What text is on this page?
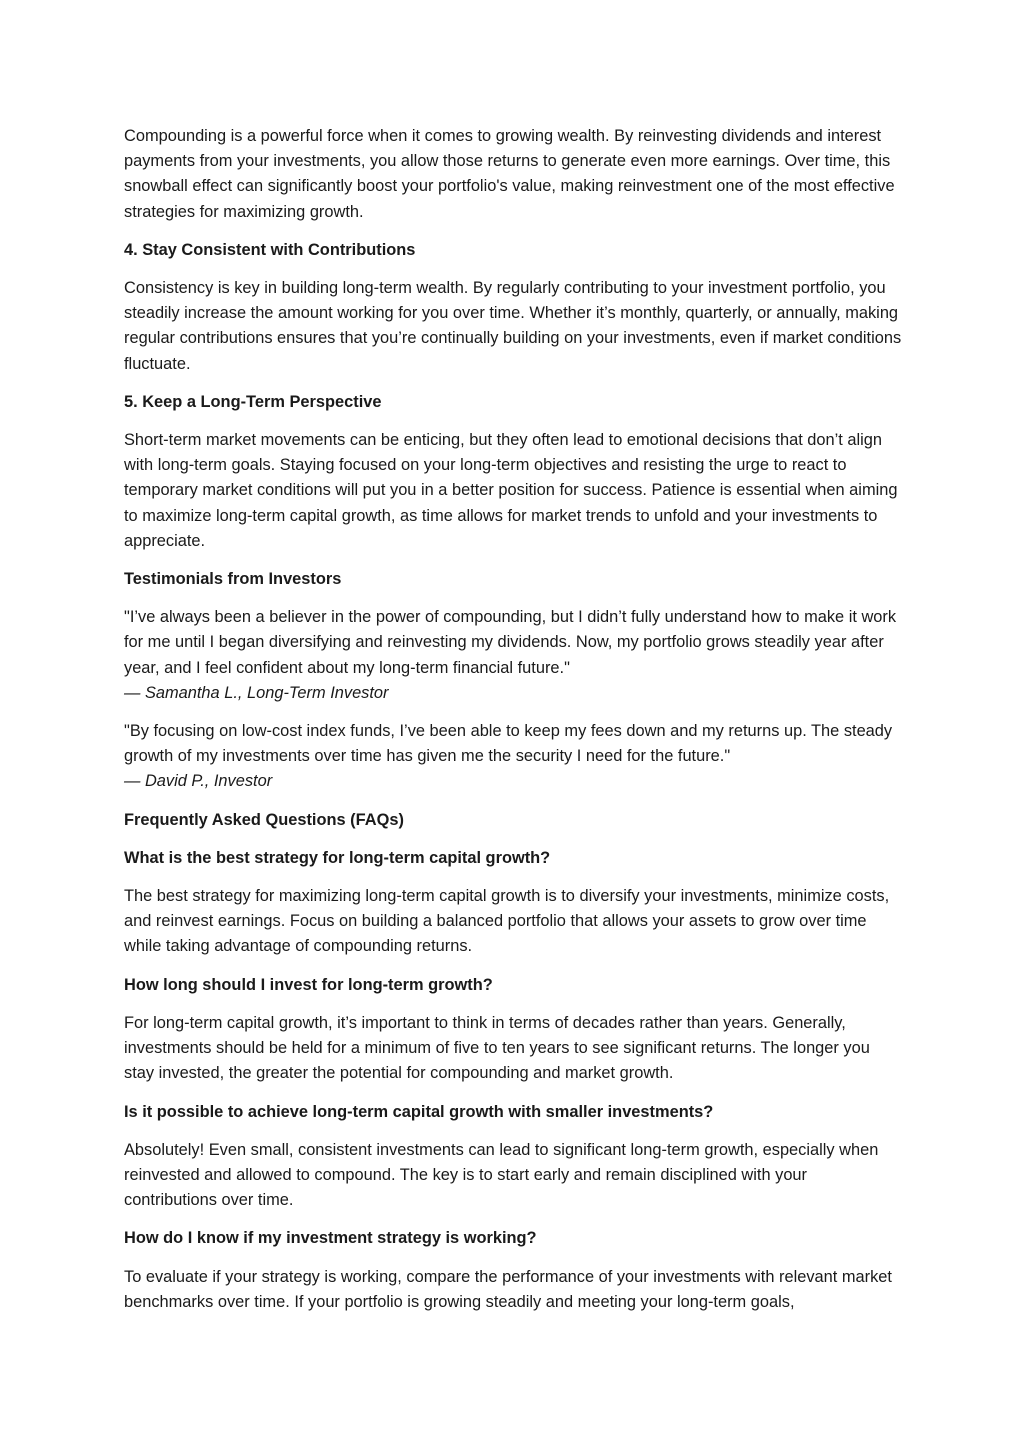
Compounding is a powerful force when it comes to growing wealth. By reinvesting dividends and interest payments from your investments, you allow those returns to generate even more earnings. Over time, this snowball effect can significantly boost your portfolio's value, making reinvestment one of the most effective strategies for maximizing growth.

4. Stay Consistent with Contributions

Consistency is key in building long-term wealth. By regularly contributing to your investment portfolio, you steadily increase the amount working for you over time. Whether it’s monthly, quarterly, or annually, making regular contributions ensures that you’re continually building on your investments, even if market conditions fluctuate.

5. Keep a Long-Term Perspective

Short-term market movements can be enticing, but they often lead to emotional decisions that don’t align with long-term goals. Staying focused on your long-term objectives and resisting the urge to react to temporary market conditions will put you in a better position for success. Patience is essential when aiming to maximize long-term capital growth, as time allows for market trends to unfold and your investments to appreciate.

Testimonials from Investors

"I’ve always been a believer in the power of compounding, but I didn’t fully understand how to make it work for me until I began diversifying and reinvesting my dividends. Now, my portfolio grows steadily year after year, and I feel confident about my long-term financial future."
— Samantha L., Long-Term Investor

"By focusing on low-cost index funds, I’ve been able to keep my fees down and my returns up. The steady growth of my investments over time has given me the security I need for the future."
— David P., Investor

Frequently Asked Questions (FAQs)
What is the best strategy for long-term capital growth?

The best strategy for maximizing long-term capital growth is to diversify your investments, minimize costs, and reinvest earnings. Focus on building a balanced portfolio that allows your assets to grow over time while taking advantage of compounding returns.

How long should I invest for long-term growth?

For long-term capital growth, it’s important to think in terms of decades rather than years. Generally, investments should be held for a minimum of five to ten years to see significant returns. The longer you stay invested, the greater the potential for compounding and market growth.

Is it possible to achieve long-term capital growth with smaller investments?

Absolutely! Even small, consistent investments can lead to significant long-term growth, especially when reinvested and allowed to compound. The key is to start early and remain disciplined with your contributions over time.

How do I know if my investment strategy is working?

To evaluate if your strategy is working, compare the performance of your investments with relevant market benchmarks over time. If your portfolio is growing steadily and meeting your long-term goals,
